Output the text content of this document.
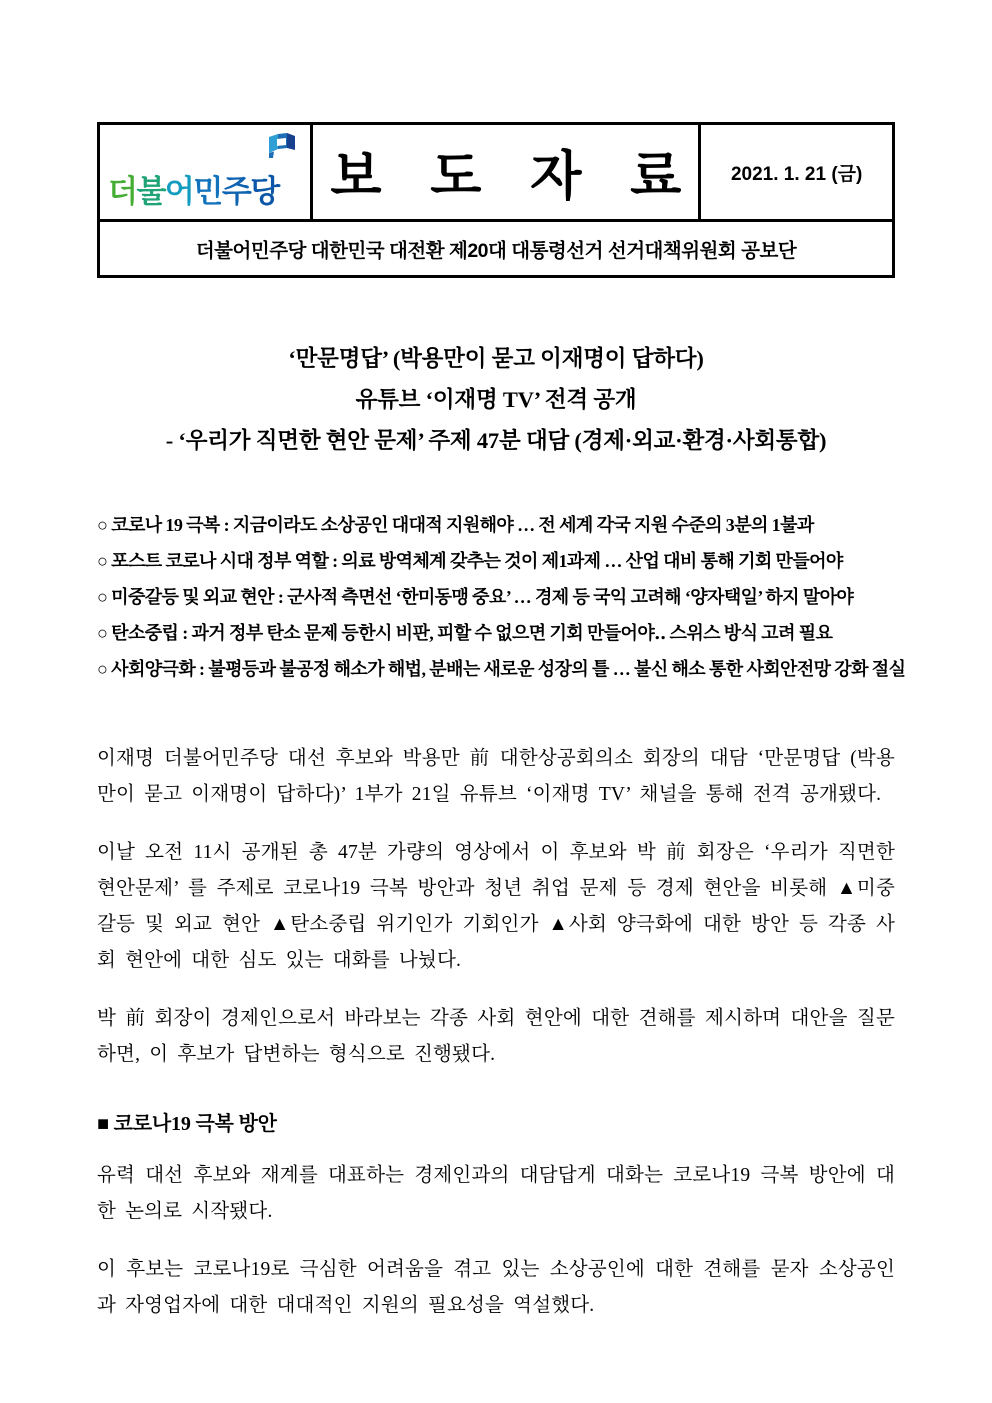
더불어민주당 보 도 자 료 2021. 1. 21 (금)
더불어민주당 대한민국 대전환 제20대 대통령선거 선거대책위원회 공보단
‘만문명답’ (박용만이 묻고 이재명이 답하다)
유튜브 ‘이재명 TV’ 전격 공개
- ‘우리가 직면한 현안 문제’ 주제 47분 대담 (경제·외교·환경·사회통합)
○ 코로나 19 극복 : 지금이라도 소상공인 대대적 지원해야 … 전 세계 각국 지원 수준의 3분의 1불과
○ 포스트 코로나 시대 정부 역할 : 의료 방역체계 갖추는 것이 제1과제 … 산업 대비 통해 기회 만들어야
○ 미중갈등 및 외교 현안 : 군사적 측면선 ‘한미동맹 중요’ … 경제 등 국익 고려해 ‘양자택일’ 하지 말아야
○ 탄소중립 : 과거 정부 탄소 문제 등한시 비판, 피할 수 없으면 기회 만들어야‥ 스위스 방식 고려 필요
○ 사회양극화 : 불평등과 불공정 해소가 해법, 분배는 새로운 성장의 틀 … 불신 해소 통한 사회안전망 강화 절실

이재명 더불어민주당 대선 후보와 박용만 前 대한상공회의소 회장의 대담 ‘만문명답 (박용만이 묻고 이재명이 답하다)’ 1부가 21일 유튜브 ‘이재명 TV’ 채널을 통해 전격 공개됐다.

이날 오전 11시 공개된 총 47분 가량의 영상에서 이 후보와 박 前 회장은 ‘우리가 직면한 현안문제’ 를 주제로 코로나19 극복 방안과 청년 취업 문제 등 경제 현안을 비롯해 ▲미중 갈등 및 외교 현안 ▲탄소중립 위기인가 기회인가 ▲사회 양극화에 대한 방안 등 각종 사회 현안에 대한 심도 있는 대화를 나눴다.

박 前 회장이 경제인으로서 바라보는 각종 사회 현안에 대한 견해를 제시하며 대안을 질문하면, 이 후보가 답변하는 형식으로 진행됐다.

■ 코로나19 극복 방안

유력 대선 후보와 재계를 대표하는 경제인과의 대담답게 대화는 코로나19 극복 방안에 대한 논의로 시작됐다.

이 후보는 코로나19로 극심한 어려움을 겪고 있는 소상공인에 대한 견해를 묻자 소상공인과 자영업자에 대한 대대적인 지원의 필요성을 역설했다.
